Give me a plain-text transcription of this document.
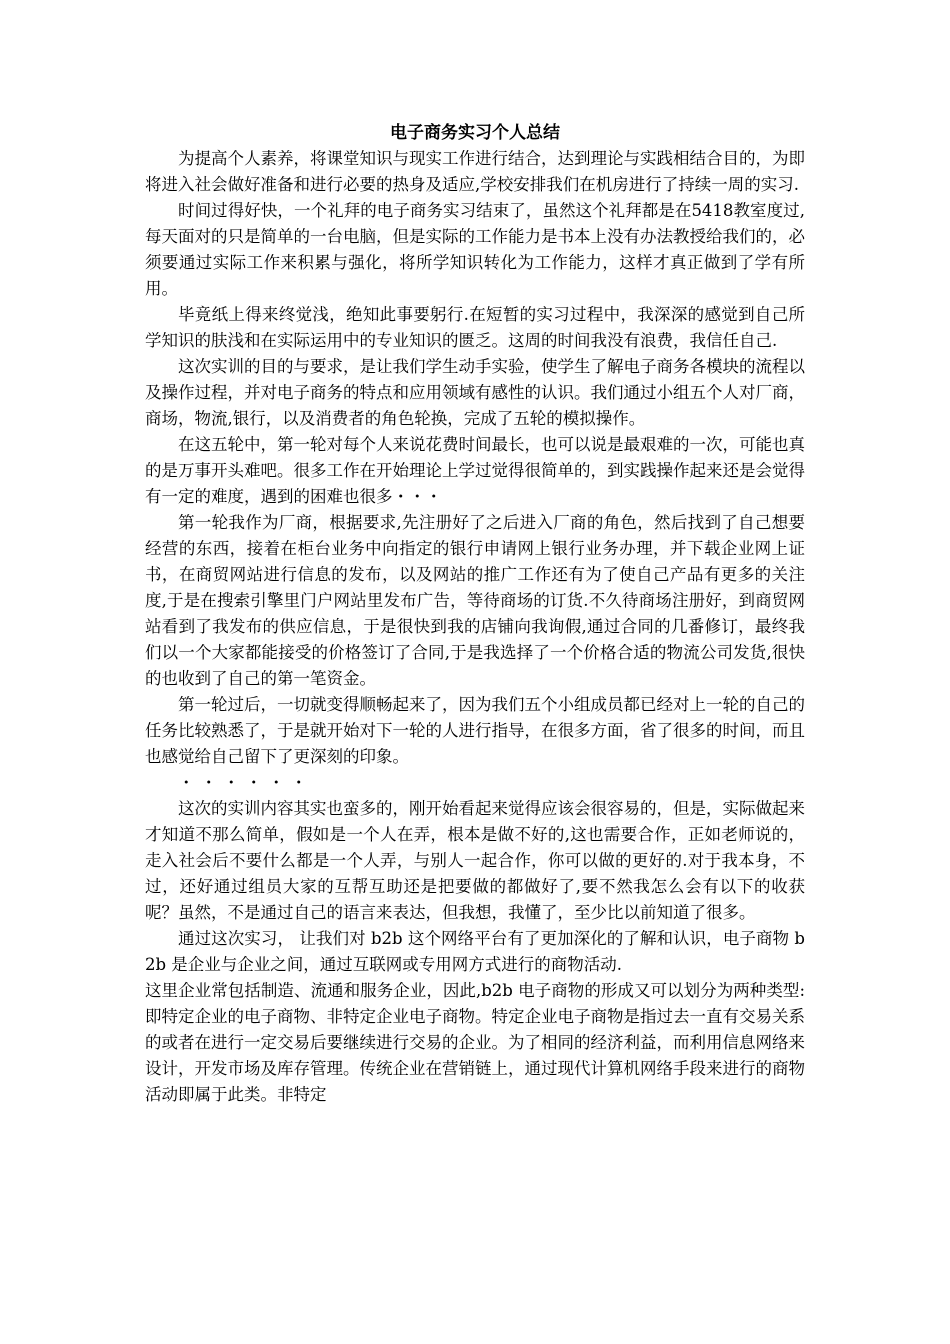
电子商务实习个人总结

为提高个人素养，将课堂知识与现实工作进行结合，达到理论与实践相结合目的，为即将进入社会做好准备和进行必要的热身及适应,学校安排我们在机房进行了持续一周的实习.

时间过得好快，一个礼拜的电子商务实习结束了，虽然这个礼拜都是在5418教室度过,每天面对的只是简单的一台电脑，但是实际的工作能力是书本上没有办法教授给我们的，必须要通过实际工作来积累与强化，将所学知识转化为工作能力，这样才真正做到了学有所用。

毕竟纸上得来终觉浅，绝知此事要躬行.在短暂的实习过程中，我深深的感觉到自己所学知识的肤浅和在实际运用中的专业知识的匮乏。这周的时间我没有浪费，我信任自己.

这次实训的目的与要求，是让我们学生动手实验，使学生了解电子商务各模块的流程以及操作过程，并对电子商务的特点和应用领域有感性的认识。我们通过小组五个人对厂商，商场，物流,银行，以及消费者的角色轮换，完成了五轮的模拟操作。

在这五轮中，第一轮对每个人来说花费时间最长，也可以说是最艰难的一次，可能也真的是万事开头难吧。很多工作在开始理论上学过觉得很简单的，到实践操作起来还是会觉得有一定的难度，遇到的困难也很多・・・

第一轮我作为厂商，根据要求,先注册好了之后进入厂商的角色，然后找到了自己想要经营的东西，接着在柜台业务中向指定的银行申请网上银行业务办理，并下载企业网上证书，在商贸网站进行信息的发布，以及网站的推广工作还有为了使自己产品有更多的关注度,于是在搜索引擎里门户网站里发布广告，等待商场的订货.不久待商场注册好，到商贸网站看到了我发布的供应信息，于是很快到我的店铺向我询假,通过合同的几番修订，最终我们以一个大家都能接受的价格签订了合同,于是我选择了一个价格合适的物流公司发货,很快的也收到了自己的第一笔资金。

第一轮过后，一切就变得顺畅起来了，因为我们五个小组成员都已经对上一轮的自己的任务比较熟悉了，于是就开始对下一轮的人进行指导，在很多方面，省了很多的时间，而且也感觉给自己留下了更深刻的印象。

・・・・・・

这次的实训内容其实也蛮多的，刚开始看起来觉得应该会很容易的，但是，实际做起来才知道不那么简单，假如是一个人在弄，根本是做不好的,这也需要合作，正如老师说的，走入社会后不要什么都是一个人弄，与别人一起合作，你可以做的更好的.对于我本身，不过，还好通过组员大家的互帮互助还是把要做的都做好了,要不然我怎么会有以下的收获呢？虽然，不是通过自己的语言来表达，但我想，我懂了，至少比以前知道了很多。

通过这次实习， 让我们对 b2b 这个网络平台有了更加深化的了解和认识，电子商物 b2b 是企业与企业之间，通过互联网或专用网方式进行的商物活动.

这里企业常包括制造、流通和服务企业，因此,b2b 电子商物的形成又可以划分为两种类型:即特定企业的电子商物、非特定企业电子商物。特定企业电子商物是指过去一直有交易关系的或者在进行一定交易后要继续进行交易的企业。为了相同的经济利益，而利用信息网络来设计，开发市场及库存管理。传统企业在营销链上，通过现代计算机网络手段来进行的商物活动即属于此类。非特定
